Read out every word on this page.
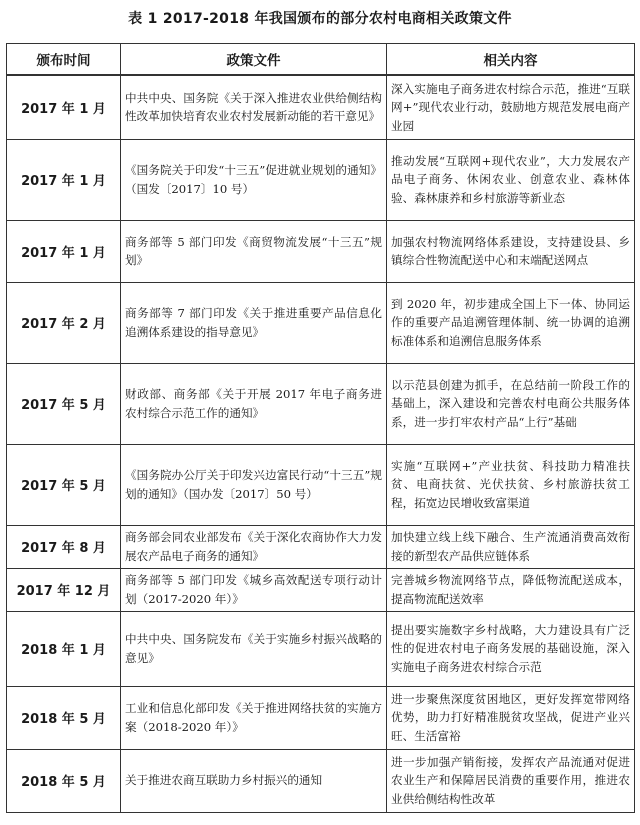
表 1 2017-2018 年我国颁布的部分农村电商相关政策文件
颁布时间	政策文件	相关内容
2017 年 1 月	中共中央、国务院《关于深入推进农业供给侧结构性改革加快培育农业农村发展新动能的若干意见》	深入实施电子商务进农村综合示范，推进“互联网+”现代农业行动，鼓励地方规范发展电商产业园
2017 年 1 月	《国务院关于印发“十三五”促进就业规划的通知》（国发〔2017〕10 号）	推动发展“互联网+现代农业”，大力发展农产品电子商务、休闲农业、创意农业、森林体验、森林康养和乡村旅游等新业态
2017 年 1 月	商务部等 5 部门印发《商贸物流发展“十三五”规划》	加强农村物流网络体系建设，支持建设县、乡镇综合性物流配送中心和末端配送网点
2017 年 2 月	商务部等 7 部门印发《关于推进重要产品信息化追溯体系建设的指导意见》	到 2020 年，初步建成全国上下一体、协同运作的重要产品追溯管理体制、统一协调的追溯标准体系和追溯信息服务体系
2017 年 5 月	财政部、商务部《关于开展 2017 年电子商务进农村综合示范工作的通知》	以示范县创建为抓手，在总结前一阶段工作的基础上，深入建设和完善农村电商公共服务体系，进一步打牢农村产品“上行”基础
2017 年 5 月	《国务院办公厅关于印发兴边富民行动“十三五”规划的通知》（国办发〔2017〕50 号）	实施“互联网+”产业扶贫、科技助力精准扶贫、电商扶贫、光伏扶贫、乡村旅游扶贫工程，拓宽边民增收致富渠道
2017 年 8 月	商务部会同农业部发布《关于深化农商协作大力发展农产品电子商务的通知》	加快建立线上线下融合、生产流通消费高效衔接的新型农产品供应链体系
2017 年 12 月	商务部等 5 部门印发《城乡高效配送专项行动计划（2017-2020 年）》	完善城乡物流网络节点，降低物流配送成本，提高物流配送效率
2018 年 1 月	中共中央、国务院发布《关于实施乡村振兴战略的意见》	提出要实施数字乡村战略，大力建设具有广泛性的促进农村电子商务发展的基础设施，深入实施电子商务进农村综合示范
2018 年 5 月	工业和信息化部印发《关于推进网络扶贫的实施方案（2018-2020 年）》	进一步聚焦深度贫困地区，更好发挥宽带网络优势，助力打好精准脱贫攻坚战，促进产业兴旺、生活富裕
2018 年 5 月	关于推进农商互联助力乡村振兴的通知	进一步加强产销衔接，发挥农产品流通对促进农业生产和保障居民消费的重要作用，推进农业供给侧结构性改革
